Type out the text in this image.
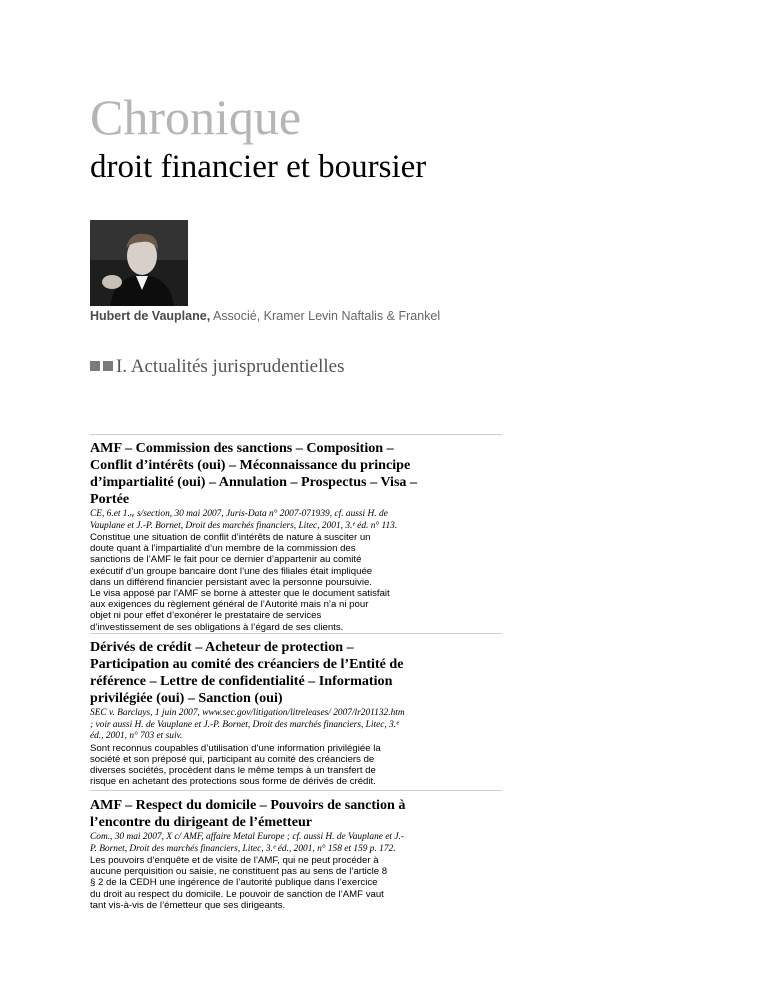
Chronique
droit financier et boursier
Hubert de Vauplane, Associé, Kramer Levin Naftalis & Frankel
I. Actualités jurisprudentielles
AMF – Commission des sanctions – Composition – Conflit d’intérêts (oui) – Méconnaissance du principe d’impartialité (oui) – Annulation – Prospectus – Visa – Portée
CE, 6.et 1.ᵣₑ s/section, 30 mai 2007, Juris-Data n° 2007-071939, cf. aussi H. de Vauplane et J.-P. Bornet, Droit des marchés financiers, Litec, 2001, 3.ᵉ éd. n° 113.

Constitue une situation de conflit d’intérêts de nature à susciter un doute quant à l’impartialité d’un membre de la commission des sanctions de l’AMF le fait pour ce dernier d’appartenir au comité exécutif d’un groupe bancaire dont l’une des filiales était impliquée dans un différend financier persistant avec la personne poursuivie.

Le visa apposé par l’AMF se borne à attester que le document satisfait aux exigences du règlement général de l’Autorité mais n’a ni pour objet ni pour effet d’exonérer le prestataire de services d’investissement de ses obligations à l’égard de ses clients.

Dérivés de crédit – Acheteur de protection – Participation au comité des créanciers de l’Entité de référence – Lettre de confidentialité – Information privilégiée (oui) – Sanction (oui)
SEC v. Barclays, 1 juin 2007, www.sec.gov/litigation/litreleases/ 2007/lr201132.htm ; voir aussi H. de Vauplane et J.-P. Bornet, Droit des marchés financiers, Litec, 3.ᵉ éd., 2001, n° 703 et suiv.

Sont reconnus coupables d’utilisation d’une information privilégiée la société et son préposé qui, participant au comité des créanciers de diverses sociétés, procèdent dans le même temps à un transfert de risque en achetant des protections sous forme de dérivés de crédit.

AMF – Respect du domicile – Pouvoirs de sanction à l’encontre du dirigeant de l’émetteur
Com., 30 mai 2007, X c/ AMF, affaire Metal Europe ; cf. aussi H. de Vauplane et J.-P. Bornet, Droit des marchés financiers, Litec, 3.ᵉ éd., 2001, n° 158 et 159 p. 172.

Les pouvoirs d’enquête et de visite de l’AMF, qui ne peut procéder à aucune perquisition ou saisie, ne constituent pas au sens de l’article 8 § 2 de la CEDH une ingérence de l’autorité publique dans l’exercice du droit au respect du domicile. Le pouvoir de sanction de l’AMF vaut tant vis-à-vis de l’émetteur que ses dirigeants.
